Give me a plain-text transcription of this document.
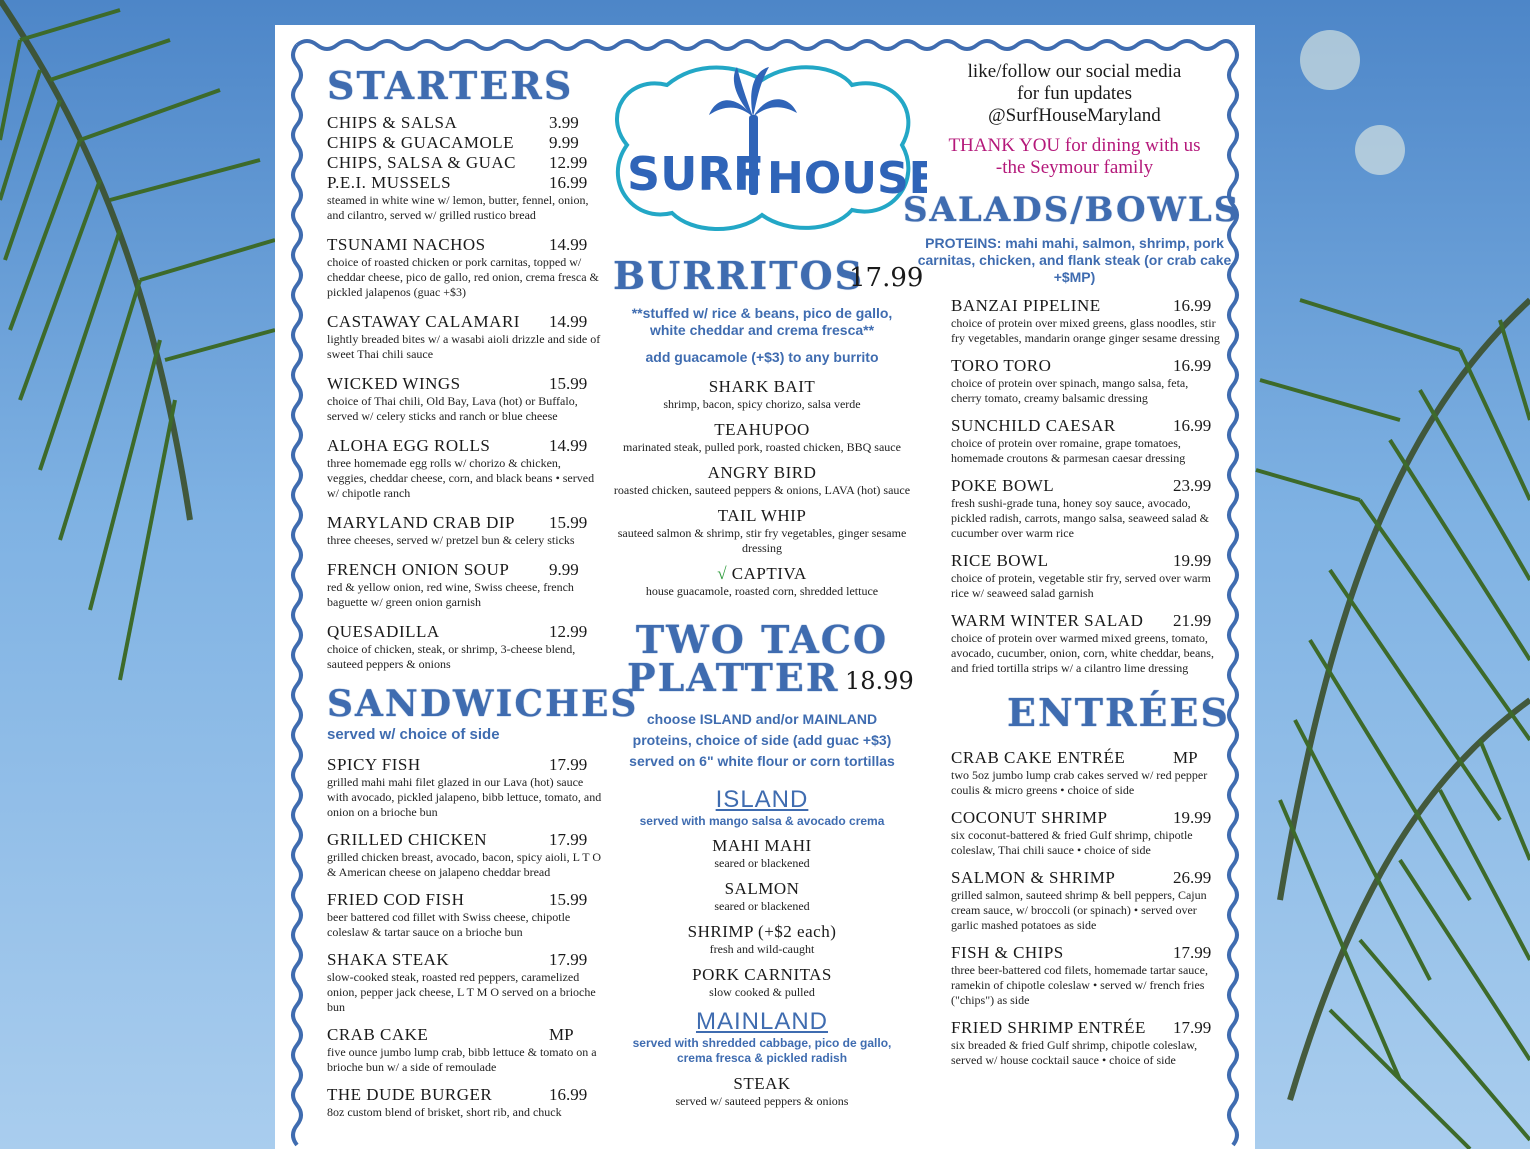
STARTERS
CHIPS & SALSA	3.99
CHIPS & GUACAMOLE	9.99
CHIPS, SALSA & GUAC	12.99
P.E.I. MUSSELS	16.99
steamed in white wine w/ lemon, butter, fennel, onion, and cilantro, served w/ grilled rustico bread
TSUNAMI NACHOS	14.99
choice of roasted chicken or pork carnitas, topped w/ cheddar cheese, pico de gallo, red onion, crema fresca & pickled jalapenos (guac +$3)
CASTAWAY CALAMARI	14.99
lightly breaded bites w/ a wasabi aioli drizzle and side of sweet Thai chili sauce
WICKED WINGS	15.99
choice of Thai chili, Old Bay, Lava (hot) or Buffalo, served w/ celery sticks and ranch or blue cheese
ALOHA EGG ROLLS	14.99
three homemade egg rolls w/ chorizo & chicken, veggies, cheddar cheese, corn, and black beans • served w/ chipotle ranch
MARYLAND CRAB DIP	15.99
three cheeses, served w/ pretzel bun & celery sticks
FRENCH ONION SOUP	9.99
red & yellow onion, red wine, Swiss cheese, french baguette w/ green onion garnish
QUESADILLA	12.99
choice of chicken, steak, or shrimp, 3-cheese blend, sauteed peppers & onions
SANDWICHES
served w/ choice of side
SPICY FISH	17.99
grilled mahi mahi filet glazed in our Lava (hot) sauce with avocado, pickled jalapeno, bibb lettuce, tomato, and onion on a brioche bun
GRILLED CHICKEN	17.99
grilled chicken breast, avocado, bacon, spicy aioli, L T O & American cheese on jalapeno cheddar bread
FRIED COD FISH	15.99
beer battered cod fillet with Swiss cheese, chipotle coleslaw & tartar sauce on a brioche bun
SHAKA STEAK	17.99
slow-cooked steak, roasted red peppers, caramelized onion, pepper jack cheese, L T M O served on a brioche bun
CRAB CAKE	MP
five ounce jumbo lump crab, bibb lettuce & tomato on a brioche bun w/ a side of remoulade
THE DUDE BURGER	16.99
8oz custom blend of brisket, short rib, and chuck
SURF HOUSE
BURRITOS
17.99
**stuffed w/ rice & beans, pico de gallo, white cheddar and crema fresca**
add guacamole (+$3) to any burrito
SHARK BAIT
shrimp, bacon, spicy chorizo, salsa verde
TEAHUPOO
marinated steak, pulled pork, roasted chicken, BBQ sauce
ANGRY BIRD
roasted chicken, sauteed peppers & onions, LAVA (hot) sauce
TAIL WHIP
sauteed salmon & shrimp, stir fry vegetables, ginger sesame dressing
√ CAPTIVA
house guacamole, roasted corn, shredded lettuce
TWO TACO
PLATTER 18.99
choose ISLAND and/or MAINLAND proteins, choice of side (add guac +$3) served on 6" white flour or corn tortillas
ISLAND
served with mango salsa & avocado crema
MAHI MAHI
seared or blackened
SALMON
seared or blackened
SHRIMP (+$2 each)
fresh and wild-caught
PORK CARNITAS
slow cooked & pulled
MAINLAND
served with shredded cabbage, pico de gallo, crema fresca & pickled radish
STEAK
served w/ sauteed peppers & onions
like/follow our social media
for fun updates
@SurfHouseMaryland
THANK YOU for dining with us
-the Seymour family
SALADS/BOWLS
PROTEINS: mahi mahi, salmon, shrimp, pork carnitas, chicken, and flank steak (or crab cake +$MP)
BANZAI PIPELINE	16.99
choice of protein over mixed greens, glass noodles, stir fry vegetables, mandarin orange ginger sesame dressing
TORO TORO	16.99
choice of protein over spinach, mango salsa, feta, cherry tomato, creamy balsamic dressing
SUNCHILD CAESAR	16.99
choice of protein over romaine, grape tomatoes, homemade croutons & parmesan caesar dressing
POKE BOWL	23.99
fresh sushi-grade tuna, honey soy sauce, avocado, pickled radish, carrots, mango salsa, seaweed salad & cucumber over warm rice
RICE BOWL	19.99
choice of protein, vegetable stir fry, served over warm rice w/ seaweed salad garnish
WARM WINTER SALAD	21.99
choice of protein over warmed mixed greens, tomato, avocado, cucumber, onion, corn, white cheddar, beans, and fried tortilla strips w/ a cilantro lime dressing
ENTRÉES
CRAB CAKE ENTRÉE	MP
two 5oz jumbo lump crab cakes served w/ red pepper coulis & micro greens • choice of side
COCONUT SHRIMP	19.99
six coconut-battered & fried Gulf shrimp, chipotle coleslaw, Thai chili sauce • choice of side
SALMON & SHRIMP	26.99
grilled salmon, sauteed shrimp & bell peppers, Cajun cream sauce, w/ broccoli (or spinach) • served over garlic mashed potatoes as side
FISH & CHIPS	17.99
three beer-battered cod filets, homemade tartar sauce, ramekin of chipotle coleslaw • served w/ french fries ("chips") as side
FRIED SHRIMP ENTRÉE	17.99
six breaded & fried Gulf shrimp, chipotle coleslaw, served w/ house cocktail sauce • choice of side
